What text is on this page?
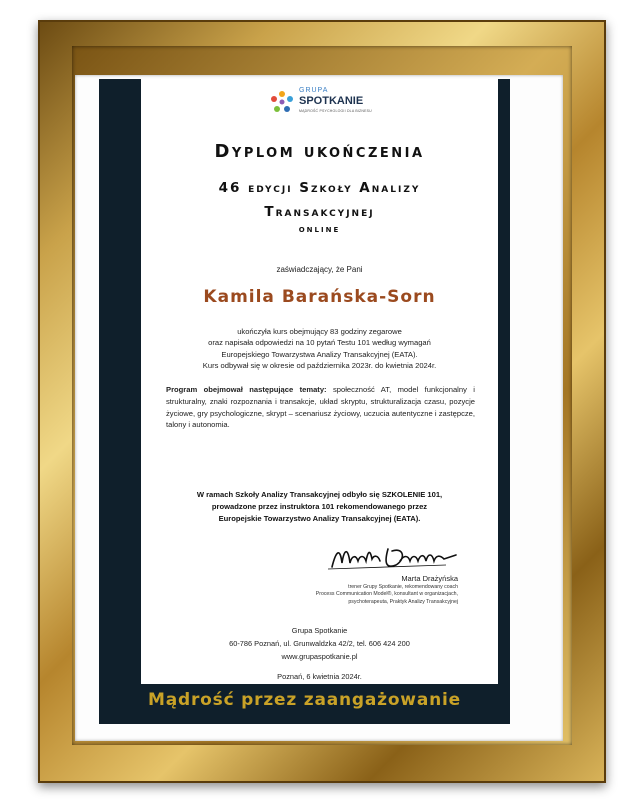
GRUPA
SPOTKANIE
MĄDROŚĆ PSYCHOLOGII DLA BIZNESU
Dyplom ukończenia
46 edycji Szkoły Analizy
Transakcyjnej
online
zaświadczający, że Pani
Kamila Barańska-Sorn
ukończyła kurs obejmujący 83 godziny zegarowe
oraz napisała odpowiedzi na 10 pytań Testu 101 według wymagań
Europejskiego Towarzystwa Analizy Transakcyjnej (EATA).
Kurs odbywał się w okresie od października 2023r. do kwietnia 2024r.
Program obejmował następujące tematy: społeczność AT, model funkcjonalny i strukturalny, znaki rozpoznania i transakcje, układ skryptu, strukturalizacja czasu, pozycje życiowe, gry psychologiczne, skrypt – scenariusz życiowy, uczucia autentyczne i zastępcze, talony i autonomia.
W ramach Szkoły Analizy Transakcyjnej odbyło się SZKOLENIE 101,
prowadzone przez instruktora 101 rekomendowanego przez
Europejskie Towarzystwo Analizy Transakcyjnej (EATA).
Marta Drażyńska
trener Grupy Spotkanie, rekomendowany coach
Process Communication Model®, konsultant w organizacjach,
psychoterapeuta, Praktyk Analizy Transakcyjnej
Grupa Spotkanie
60-786 Poznań, ul. Grunwaldzka 42/2, tel. 606 424 200
www.grupaspotkanie.pl
Poznań, 6 kwietnia 2024r.
Mądrość przez zaangażowanie
